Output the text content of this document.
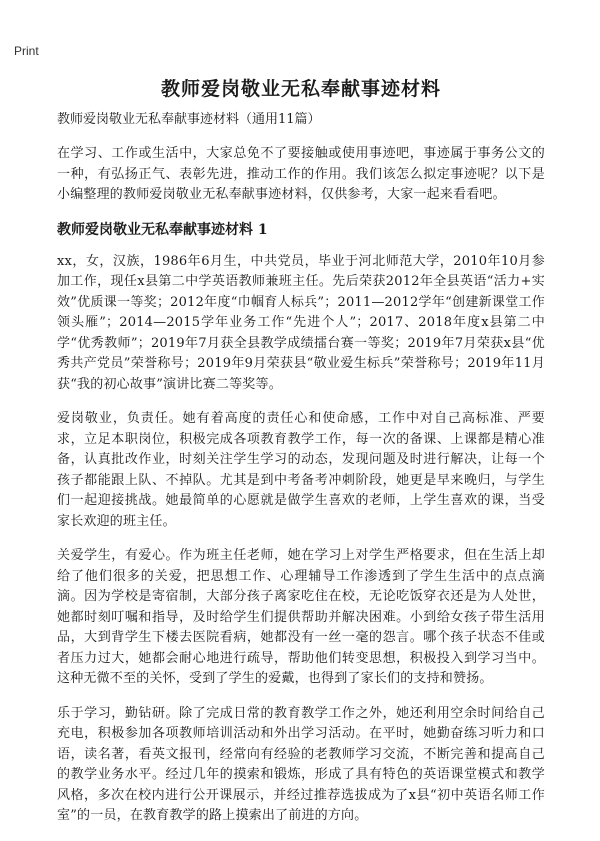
Print
教师爱岗敬业无私奉献事迹材料
教师爱岗敬业无私奉献事迹材料（通用11篇）

在学习、工作或生活中，大家总免不了要接触或使用事迹吧，事迹属于事务公文的一种，有弘扬正气、表彰先进，推动工作的作用。我们该怎么拟定事迹呢？以下是小编整理的教师爱岗敬业无私奉献事迹材料，仅供参考，大家一起来看看吧。

教师爱岗敬业无私奉献事迹材料 1

xx，女，汉族，1986年6月生，中共党员，毕业于河北师范大学，2010年10月参加工作，现任x县第二中学英语教师兼班主任。先后荣获2012年全县英语“活力+实效”优质课一等奖；2012年度“巾帼育人标兵”；2011—2012学年“创建新课堂工作领头雁”；2014—2015学年业务工作“先进个人”；2017、2018年度x县第二中学“优秀教师”；2019年7月获全县教学成绩擂台赛一等奖；2019年7月荣获x县“优秀共产党员”荣誉称号；2019年9月荣获县“敬业爱生标兵”荣誉称号；2019年11月获“我的初心故事”演讲比赛二等奖等。

爱岗敬业，负责任。她有着高度的责任心和使命感，工作中对自己高标准、严要求，立足本职岗位，积极完成各项教育教学工作，每一次的备课、上课都是精心准备，认真批改作业，时刻关注学生学习的动态，发现问题及时进行解决，让每一个孩子都能跟上队、不掉队。尤其是到中考备考冲刺阶段，她更是早来晚归，与学生们一起迎接挑战。她最简单的心愿就是做学生喜欢的老师，上学生喜欢的课，当受家长欢迎的班主任。

关爱学生，有爱心。作为班主任老师，她在学习上对学生严格要求，但在生活上却给了他们很多的关爱，把思想工作、心理辅导工作渗透到了学生生活中的点点滴滴。因为学校是寄宿制，大部分孩子离家吃住在校，无论吃饭穿衣还是为人处世，她都时刻叮嘱和指导，及时给学生们提供帮助并解决困难。小到给女孩子带生活用品，大到背学生下楼去医院看病，她都没有一丝一毫的怨言。哪个孩子状态不佳或者压力过大，她都会耐心地进行疏导，帮助他们转变思想，积极投入到学习当中。这种无微不至的关怀，受到了学生的爱戴，也得到了家长们的支持和赞扬。

乐于学习，勤钻研。除了完成日常的教育教学工作之外，她还利用空余时间给自己充电，积极参加各项教师培训活动和外出学习活动。在平时，她勤奋练习听力和口语，读名著，看英文报刊，经常向有经验的老教师学习交流，不断完善和提高自己的教学业务水平。经过几年的摸索和锻炼，形成了具有特色的英语课堂模式和教学风格，多次在校内进行公开课展示，并经过推荐选拔成为了x县“初中英语名师工作室”的一员，在教育教学的路上摸索出了前进的方向。
